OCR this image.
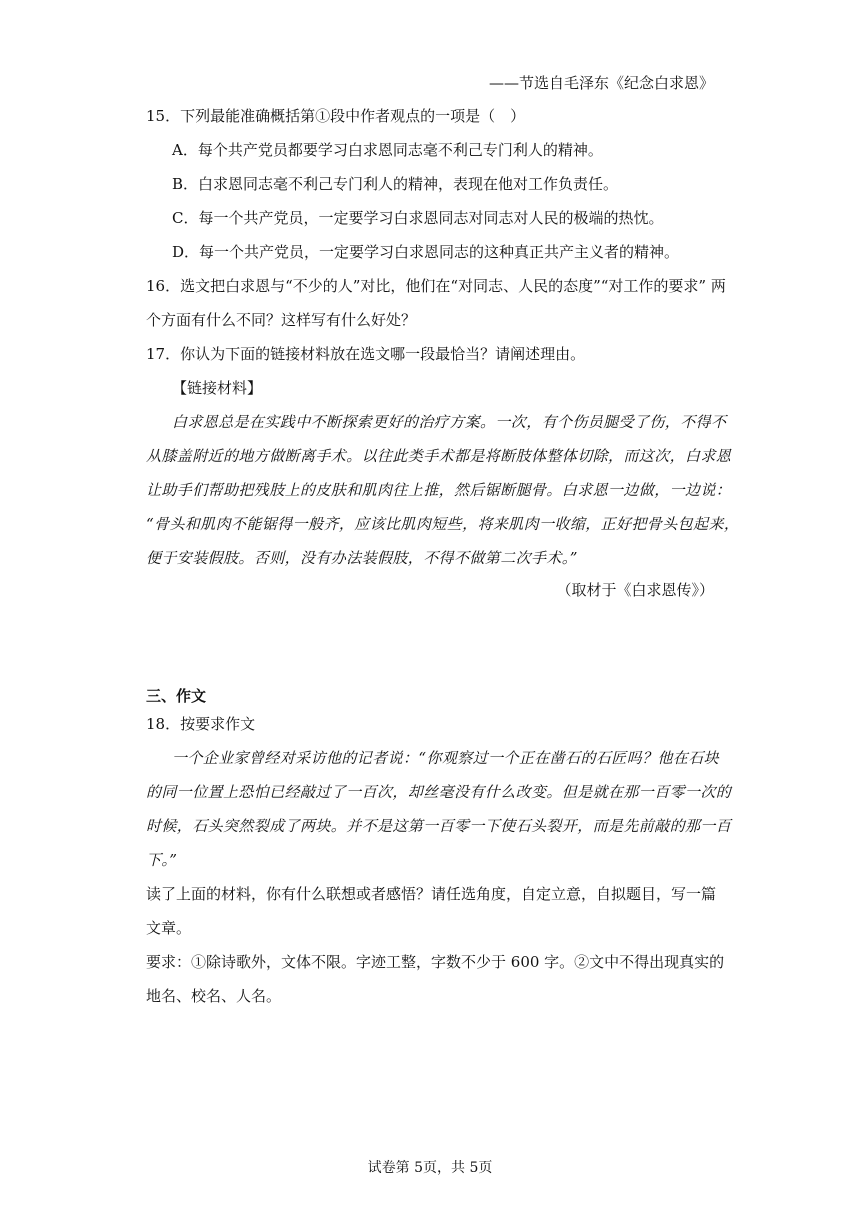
——节选自毛泽东《纪念白求恩》
15．下列最能准确概括第①段中作者观点的一项是（　）
A．每个共产党员都要学习白求恩同志毫不利己专门利人的精神。
B．白求恩同志毫不利己专门利人的精神，表现在他对工作负责任。
C．每一个共产党员，一定要学习白求恩同志对同志对人民的极端的热忱。
D．每一个共产党员，一定要学习白求恩同志的这种真正共产主义者的精神。
16．选文把白求恩与“不少的人”对比，他们在“对同志、人民的态度”“对工作的要求” 两
个方面有什么不同？这样写有什么好处？
17．你认为下面的链接材料放在选文哪一段最恰当？请阐述理由。
【链接材料】
白求恩总是在实践中不断探索更好的治疗方案。一次，有个伤员腿受了伤，不得不
从膝盖附近的地方做断离手术。以往此类手术都是将断肢体整体切除，而这次，白求恩
让助手们帮助把残肢上的皮肤和肌肉往上推，然后锯断腿骨。白求恩一边做，一边说：
“骨头和肌肉不能锯得一般齐，应该比肌肉短些，将来肌肉一收缩，正好把骨头包起来，
便于安装假肢。否则，没有办法装假肢，不得不做第二次手术。”
（取材于《白求恩传》）
三、作文
18．按要求作文
一个企业家曾经对采访他的记者说：“你观察过一个正在凿石的石匠吗？他在石块
的同一位置上恐怕已经敲过了一百次，却丝毫没有什么改变。但是就在那一百零一次的
时候，石头突然裂成了两块。并不是这第一百零一下使石头裂开，而是先前敲的那一百
下。”
读了上面的材料，你有什么联想或者感悟？请任选角度，自定立意，自拟题目，写一篇
文章。
要求：①除诗歌外，文体不限。字迹工整，字数不少于 600 字。②文中不得出现真实的
地名、校名、人名。
试卷第 5页，共 5页
